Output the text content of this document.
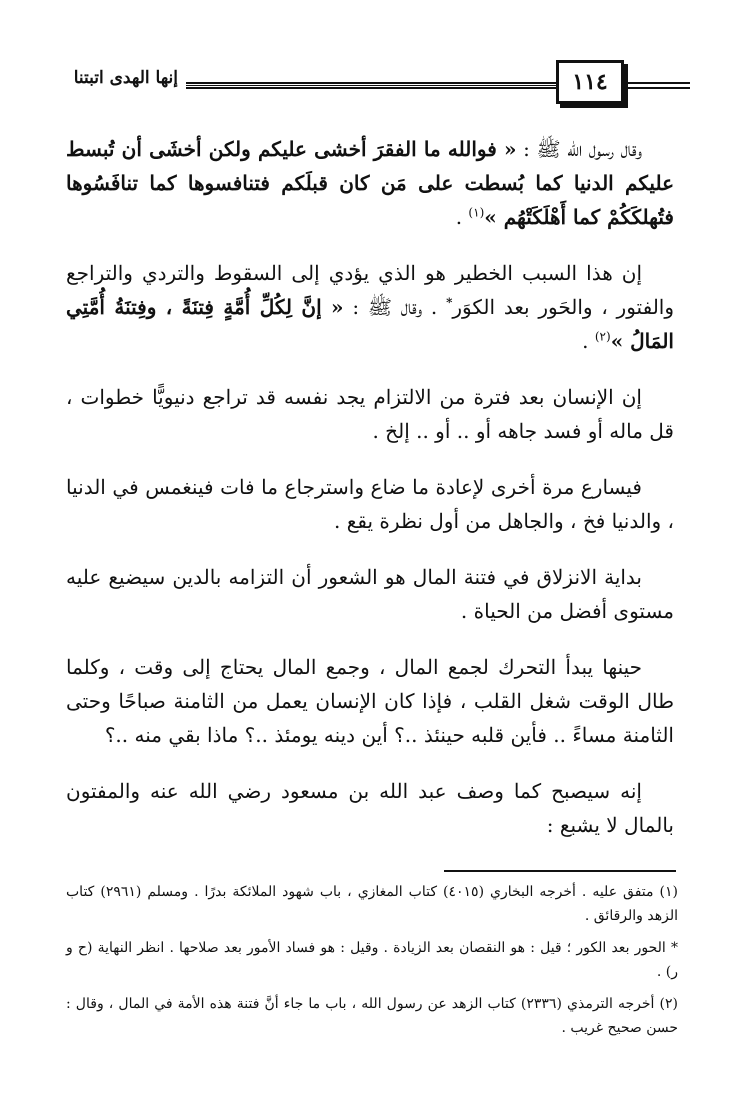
إنها الهدى اتبتنا	١١٤

وقال رسول الله ﷺ : « فوالله ما الفقرَ أخشى عليكم ولكن أخشَى أن تُبسط عليكم الدنيا كما بُسطت على مَن كان قبلَكم فتنافسوها كما تنافَسُوها فتُهلكَكُمْ كما أَهْلَكَتْهُم »$^{(١)}$ .

إن هذا السبب الخطير هو الذي يؤدي إلى السقوط والتردي والتراجع والفتور ، والحَور بعد الكوَر* . وقال ﷺ : « إنَّ لِكُلِّ أُمَّةٍ فِتنَةً ، وفِتنَةُ أُمَّتِي المَالُ »$^{(٢)}$ .

إن الإنسان بعد فترة من الالتزام يجد نفسه قد تراجع دنيويًّا خطوات ، قل ماله أو فسد جاهه أو .. أو .. إلخ .

فيسارع مرة أخرى لإعادة ما ضاع واسترجاع ما فات فينغمس في الدنيا ، والدنيا فخ ، والجاهل من أول نظرة يقع .

بداية الانزلاق في فتنة المال هو الشعور أن التزامه بالدين سيضيع عليه مستوى أفضل من الحياة .

حينها يبدأ التحرك لجمع المال ، وجمع المال يحتاج إلى وقت ، وكلما طال الوقت شغل القلب ، فإذا كان الإنسان يعمل من الثامنة صباحًا وحتى الثامنة مساءً .. فأين قلبه حينئذ ..؟ أين دينه يومئذ ..؟ ماذا بقي منه ..؟

إنه سيصبح كما وصف عبد الله بن مسعود رضي الله عنه والمفتون بالمال لا يشبع :

(١) متفق عليه . أخرجه البخاري (٤٠١٥) كتاب المغازي ، باب شهود الملائكة بدرًا . ومسلم (٢٩٦١) كتاب الزهد والرقائق .

* الحور بعد الكور ؛ قيل : هو النقصان بعد الزيادة . وقيل : هو فساد الأمور بعد صلاحها . انظر النهاية (ح و ر) .

(٢) أخرجه الترمذي (٢٣٣٦) كتاب الزهد عن رسول الله ، باب ما جاء أنَّ فتنة هذه الأمة في المال ، وقال : حسن صحيح غريب .
